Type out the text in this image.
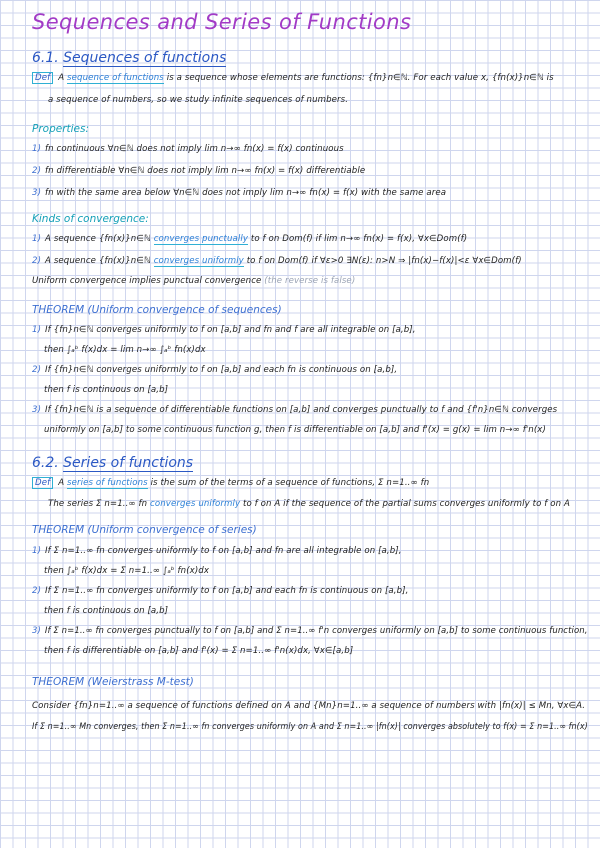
Sequences and Series of Functions
6.1. Sequences of functions
Def A sequence of functions is a sequence whose elements are functions: {fn}n∈ℕ. For each value x, {fn(x)}n∈ℕ is
a sequence of numbers, so we study infinite sequences of numbers.
Properties:
1) fn continuous ∀n∈ℕ does not imply lim n→∞ fn(x) = f(x) continuous
2) fn differentiable ∀n∈ℕ does not imply lim n→∞ fn(x) = f(x) differentiable
3) fn with the same area below ∀n∈ℕ does not imply lim n→∞ fn(x) = f(x) with the same area
Kinds of convergence:
1) A sequence {fn(x)}n∈ℕ converges punctually to f on Dom(f) if lim n→∞ fn(x) = f(x), ∀x∈Dom(f)
2) A sequence {fn(x)}n∈ℕ converges uniformly to f on Dom(f) if ∀ε>0 ∃N(ε): n>N ⇒ |fn(x)−f(x)|<ε ∀x∈Dom(f)
Uniform convergence implies punctual convergence (the reverse is false)
THEOREM (Uniform convergence of sequences)
1) If {fn}n∈ℕ converges uniformly to f on [a,b] and fn and f are all integrable on [a,b],
then ∫ₐᵇ f(x)dx = lim n→∞ ∫ₐᵇ fn(x)dx
2) If {fn}n∈ℕ converges uniformly to f on [a,b] and each fn is continuous on [a,b],
then f is continuous on [a,b]
3) If {fn}n∈ℕ is a sequence of differentiable functions on [a,b] and converges punctually to f and {f'n}n∈ℕ converges
uniformly on [a,b] to some continuous function g, then f is differentiable on [a,b] and f'(x) = g(x) = lim n→∞ f'n(x)
6.2. Series of functions
Def A series of functions is the sum of the terms of a sequence of functions, Σ n=1..∞ fn
The series Σ n=1..∞ fn converges uniformly to f on A if the sequence of the partial sums converges uniformly to f on A
THEOREM (Uniform convergence of series)
1) If Σ n=1..∞ fn converges uniformly to f on [a,b] and fn are all integrable on [a,b],
then ∫ₐᵇ f(x)dx = Σ n=1..∞ ∫ₐᵇ fn(x)dx
2) If Σ n=1..∞ fn converges uniformly to f on [a,b] and each fn is continuous on [a,b],
then f is continuous on [a,b]
3) If Σ n=1..∞ fn converges punctually to f on [a,b] and Σ n=1..∞ f'n converges uniformly on [a,b] to some continuous function,
then f is differentiable on [a,b] and f'(x) = Σ n=1..∞ f'n(x)dx, ∀x∈[a,b]
THEOREM (Weierstrass M-test)
Consider {fn}n=1..∞ a sequence of functions defined on A and {Mn}n=1..∞ a sequence of numbers with |fn(x)| ≤ Mn, ∀x∈A.
If Σ n=1..∞ Mn converges, then Σ n=1..∞ fn converges uniformly on A and Σ n=1..∞ |fn(x)| converges absolutely to f(x) = Σ n=1..∞ fn(x)
